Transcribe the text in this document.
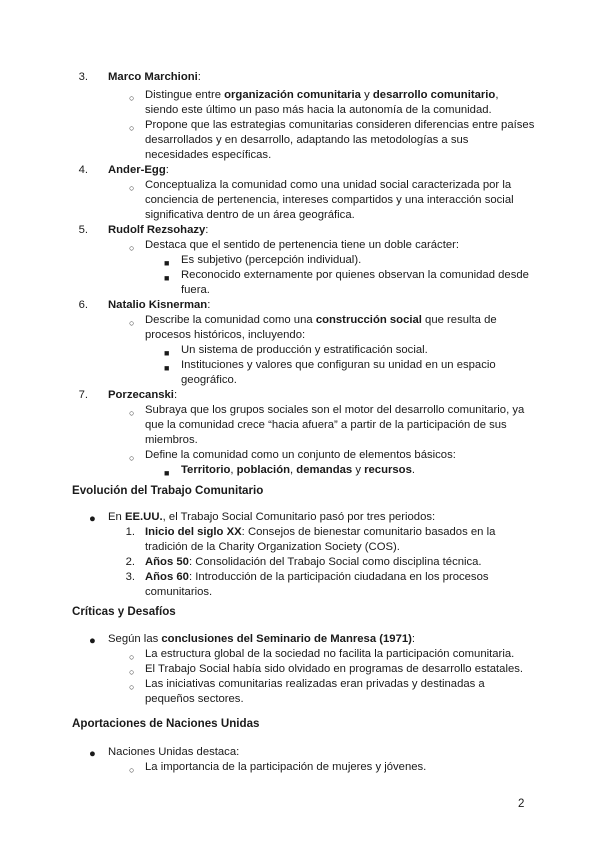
3. Marco Marchioni:
○ Distingue entre organización comunitaria y desarrollo comunitario,
siendo este último un paso más hacia la autonomía de la comunidad.
○ Propone que las estrategias comunitarias consideren diferencias entre países
desarrollados y en desarrollo, adaptando las metodologías a sus
necesidades específicas.
4. Ander-Egg:
○ Conceptualiza la comunidad como una unidad social caracterizada por la
conciencia de pertenencia, intereses compartidos y una interacción social
significativa dentro de un área geográfica.
5. Rudolf Rezsohazy:
○ Destaca que el sentido de pertenencia tiene un doble carácter:
■ Es subjetivo (percepción individual).
■ Reconocido externamente por quienes observan la comunidad desde
fuera.
6. Natalio Kisnerman:
○ Describe la comunidad como una construcción social que resulta de
procesos históricos, incluyendo:
■ Un sistema de producción y estratificación social.
■ Instituciones y valores que configuran su unidad en un espacio
geográfico.
7. Porzecanski:
○ Subraya que los grupos sociales son el motor del desarrollo comunitario, ya
que la comunidad crece “hacia afuera” a partir de la participación de sus
miembros.
○ Define la comunidad como un conjunto de elementos básicos:
■ Territorio, población, demandas y recursos.
Evolución del Trabajo Comunitario
● En EE.UU., el Trabajo Social Comunitario pasó por tres periodos:
1. Inicio del siglo XX: Consejos de bienestar comunitario basados en la
tradición de la Charity Organization Society (COS).
2. Años 50: Consolidación del Trabajo Social como disciplina técnica.
3. Años 60: Introducción de la participación ciudadana en los procesos
comunitarios.
Críticas y Desafíos
● Según las conclusiones del Seminario de Manresa (1971):
○ La estructura global de la sociedad no facilita la participación comunitaria.
○ El Trabajo Social había sido olvidado en programas de desarrollo estatales.
○ Las iniciativas comunitarias realizadas eran privadas y destinadas a
pequeños sectores.
Aportaciones de Naciones Unidas
● Naciones Unidas destaca:
○ La importancia de la participación de mujeres y jóvenes.
2
